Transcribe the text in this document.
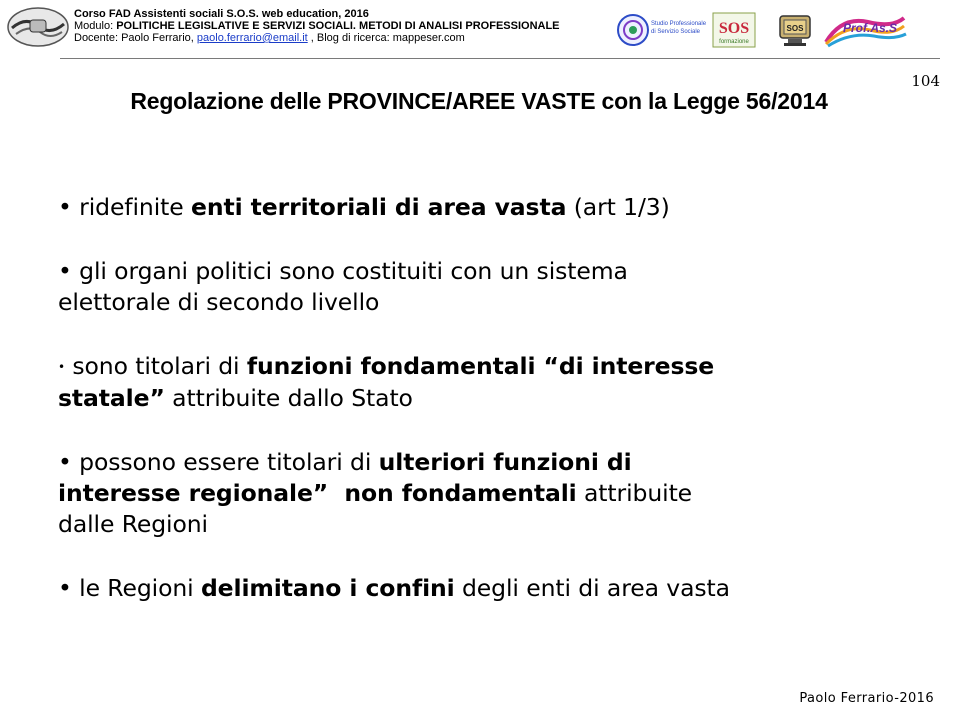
Corso FAD Assistenti sociali S.O.S. web education, 2016
Modulo: POLITICHE LEGISLATIVE E SERVIZI SOCIALI. METODI DI ANALISI PROFESSIONALE
Docente: Paolo Ferrario, paolo.ferrario@email.it , Blog di ricerca: mappeser.com
Studio Professionale
di Servizio Sociale SOS
formazione
SOS	Prof.As.S
104
Regolazione delle PROVINCE/AREE VASTE con la Legge 56/2014
• ridefinite enti territoriali di area vasta (art 1/3)
• gli organi politici sono costituiti con un sistema
elettorale di secondo livello
• sono titolari di funzioni fondamentali “di interesse
statale” attribuite dallo Stato
• possono essere titolari di ulteriori funzioni di
interesse regionale”  non fondamentali attribuite
dalle Regioni
• le Regioni delimitano i confini degli enti di area vasta
Paolo Ferrario-2016
